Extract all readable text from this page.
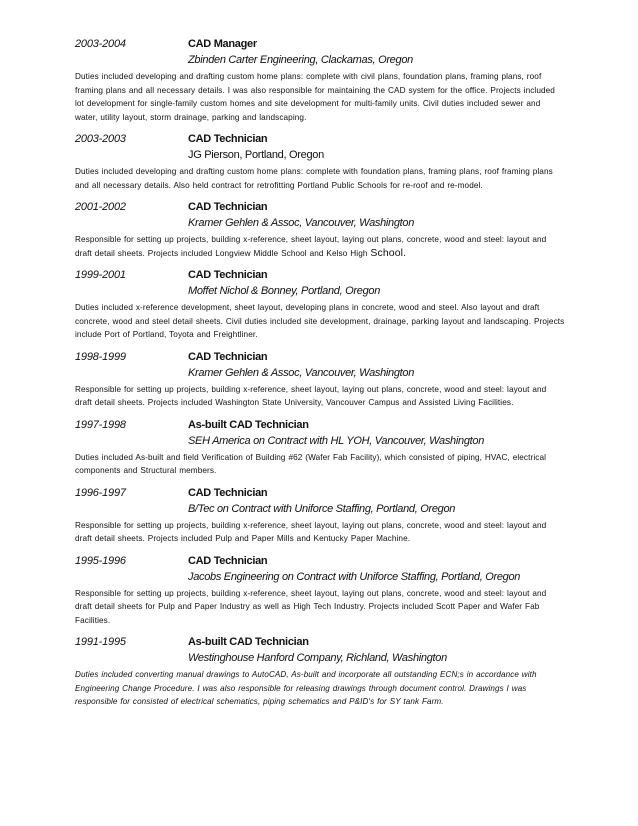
2003-2004	CAD Manager
Zbinden Carter Engineering, Clackamas, Oregon
Duties included developing and drafting custom home plans: complete with civil plans, foundation plans, framing plans, roof framing plans and all necessary details. I was also responsible for maintaining the CAD system for the office. Projects included lot development for single-family custom homes and site development for multi-family units. Civil duties included sewer and water, utility layout, storm drainage, parking and landscaping.
2003-2003	CAD Technician
JG Pierson, Portland, Oregon
Duties included developing and drafting custom home plans: complete with foundation plans, framing plans, roof framing plans and all necessary details. Also held contract for retrofitting Portland Public Schools for re-roof and re-model.
2001-2002	CAD Technician
Kramer Gehlen & Assoc, Vancouver, Washington
Responsible for setting up projects, building x-reference, sheet layout, laying out plans, concrete, wood and steel: layout and draft detail sheets. Projects included Longview Middle School and Kelso High School.
1999-2001	CAD Technician
Moffet Nichol & Bonney, Portland, Oregon
Duties included x-reference development, sheet layout, developing plans in concrete, wood and steel. Also layout and draft concrete, wood and steel detail sheets. Civil duties included site development, drainage, parking layout and landscaping. Projects include Port of Portland, Toyota and Freightliner.
1998-1999	CAD Technician
Kramer Gehlen & Assoc, Vancouver, Washington
Responsible for setting up projects, building x-reference, sheet layout, laying out plans, concrete, wood and steel: layout and draft detail sheets. Projects included Washington State University, Vancouver Campus and Assisted Living Facilities.
1997-1998	As-built CAD Technician
SEH America on Contract with HL YOH, Vancouver, Washington
Duties included As-built and field Verification of Building #62 (Wafer Fab Facility), which consisted of piping, HVAC, electrical components and Structural members.
1996-1997	CAD Technician
B/Tec on Contract with Uniforce Staffing, Portland, Oregon
Responsible for setting up projects, building x-reference, sheet layout, laying out plans, concrete, wood and steel: layout and draft detail sheets. Projects included Pulp and Paper Mills and Kentucky Paper Machine.
1995-1996	CAD Technician
Jacobs Engineering on Contract with Uniforce Staffing, Portland, Oregon
Responsible for setting up projects, building x-reference, sheet layout, laying out plans, concrete, wood and steel: layout and draft detail sheets for Pulp and Paper Industry as well as High Tech Industry. Projects included Scott Paper and Wafer Fab Facilities.
1991-1995	As-built CAD Technician
Westinghouse Hanford Company, Richland, Washington
Duties included converting manual drawings to AutoCAD, As-built and incorporate all outstanding ECN;s in accordance with Engineering Change Procedure. I was also responsible for releasing drawings through document control. Drawings I was responsible for consisted of electrical schematics, piping schematics and P&ID's for SY tank Farm.
